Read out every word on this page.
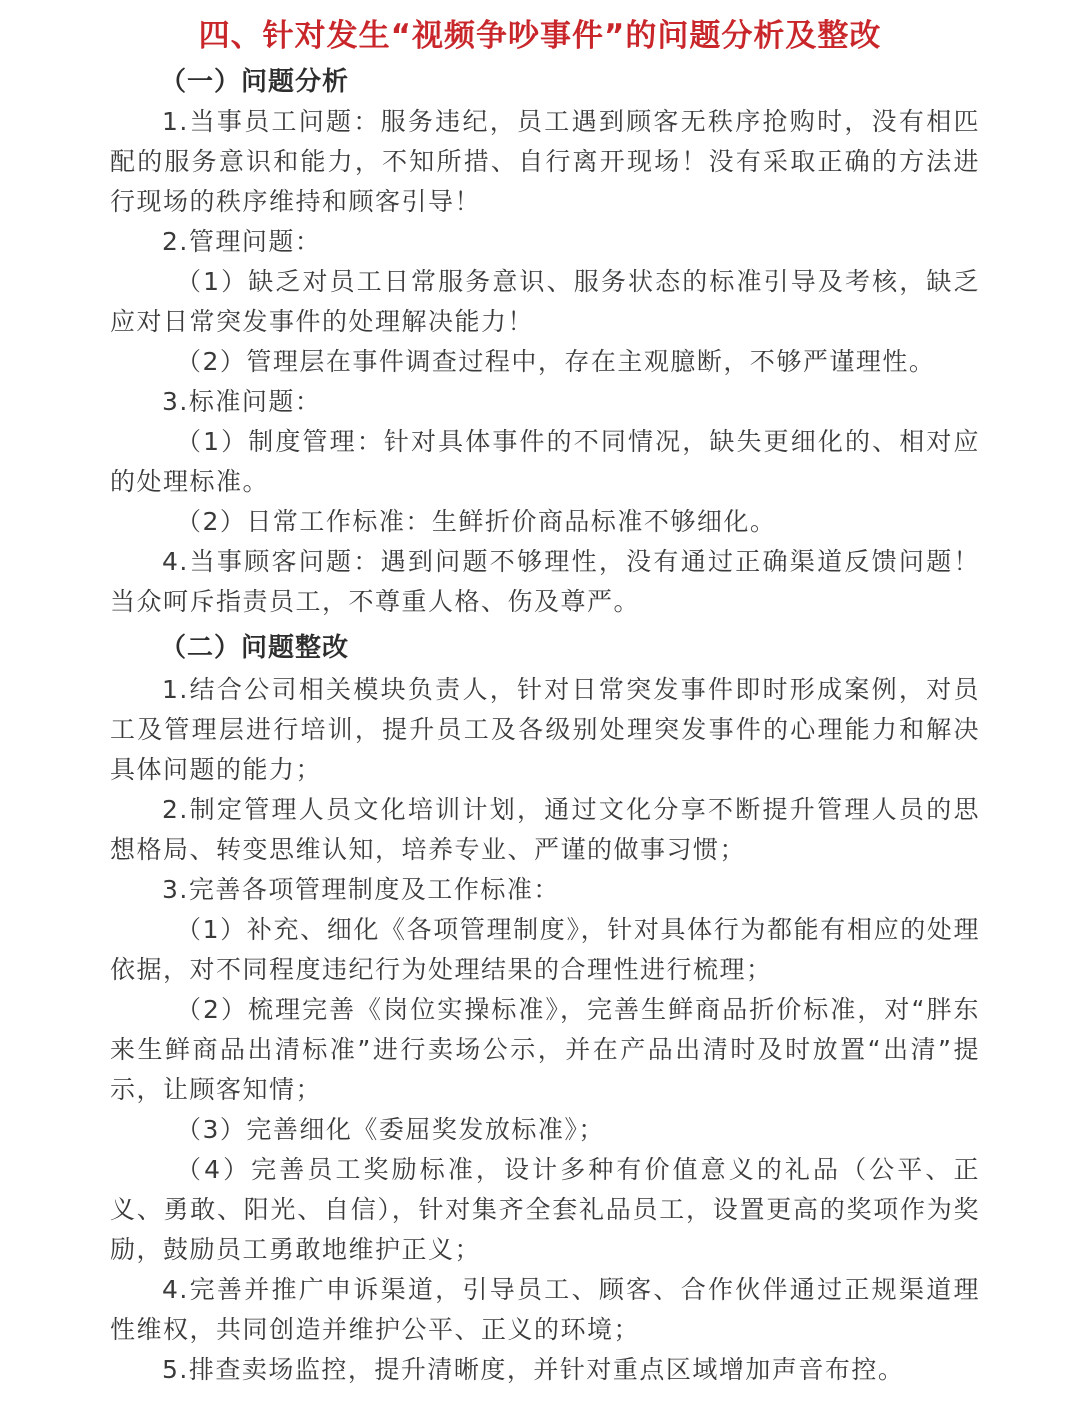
四、针对发生“视频争吵事件”的问题分析及整改
（一）问题分析

1.当事员工问题：服务违纪，员工遇到顾客无秩序抢购时，没有相匹配的服务意识和能力，不知所措、自行离开现场！没有采取正确的方法进行现场的秩序维持和顾客引导！

2.管理问题：

（1）缺乏对员工日常服务意识、服务状态的标准引导及考核，缺乏应对日常突发事件的处理解决能力！

（2）管理层在事件调查过程中，存在主观臆断，不够严谨理性。

3.标准问题：

（1）制度管理：针对具体事件的不同情况，缺失更细化的、相对应的处理标准。

（2）日常工作标准：生鲜折价商品标准不够细化。

4.当事顾客问题：遇到问题不够理性，没有通过正确渠道反馈问题！当众呵斥指责员工，不尊重人格、伤及尊严。

（二）问题整改

1.结合公司相关模块负责人，针对日常突发事件即时形成案例，对员工及管理层进行培训，提升员工及各级别处理突发事件的心理能力和解决具体问题的能力；

2.制定管理人员文化培训计划，通过文化分享不断提升管理人员的思想格局、转变思维认知，培养专业、严谨的做事习惯；

3.完善各项管理制度及工作标准：

（1）补充、细化《各项管理制度》，针对具体行为都能有相应的处理依据，对不同程度违纪行为处理结果的合理性进行梳理；

（2）梳理完善《岗位实操标准》，完善生鲜商品折价标准，对“胖东来生鲜商品出清标准”进行卖场公示，并在产品出清时及时放置“出清”提示，让顾客知情；

（3）完善细化《委屈奖发放标准》；

（4）完善员工奖励标准，设计多种有价值意义的礼品（公平、正义、勇敢、阳光、自信），针对集齐全套礼品员工，设置更高的奖项作为奖励，鼓励员工勇敢地维护正义；

4.完善并推广申诉渠道，引导员工、顾客、合作伙伴通过正规渠道理性维权，共同创造并维护公平、正义的环境；

5.排查卖场监控，提升清晰度，并针对重点区域增加声音布控。
